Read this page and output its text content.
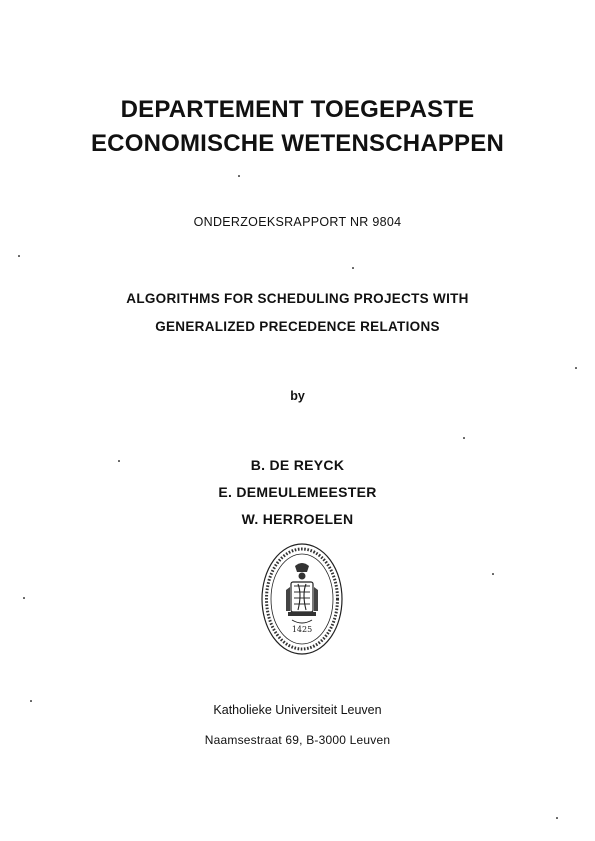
DEPARTEMENT TOEGEPASTE
ECONOMISCHE WETENSCHAPPEN
ONDERZOEKSRAPPORT NR 9804
ALGORITHMS FOR SCHEDULING PROJECTS WITH
GENERALIZED PRECEDENCE RELATIONS
by
B. DE REYCK
E. DEMEULEMEESTER
W. HERROELEN
1425
Katholieke Universiteit Leuven
Naamsestraat 69, B-3000 Leuven
